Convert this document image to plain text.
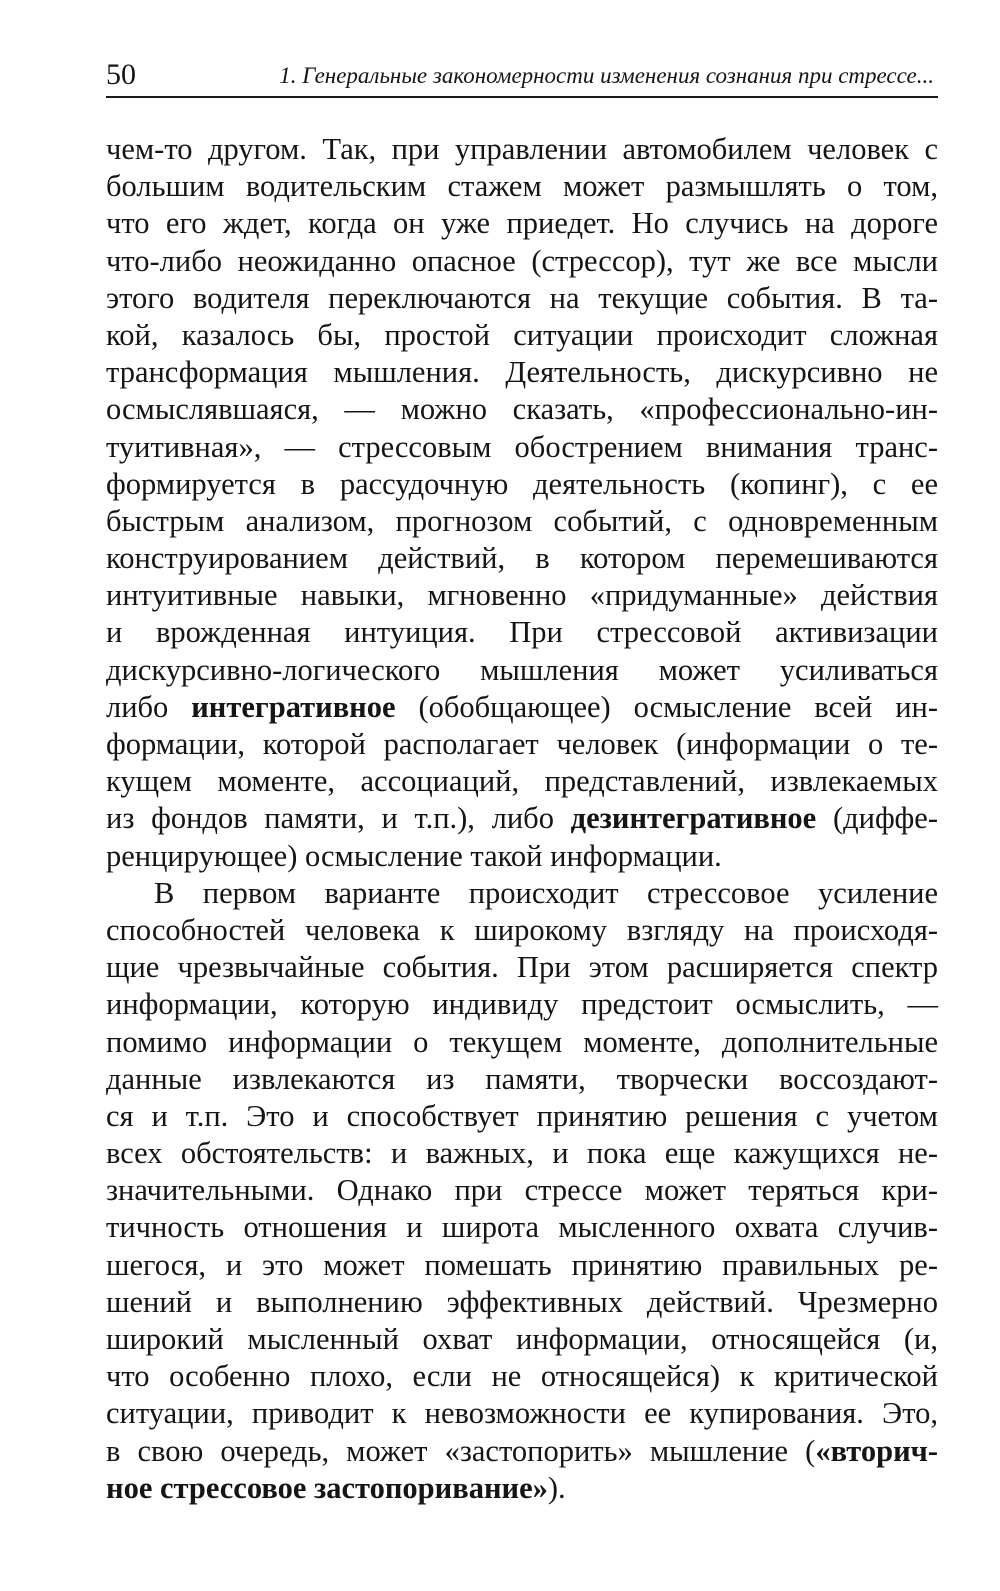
50	1. Генеральные закономерности изменения сознания при стрессе...
чем-то другом. Так, при управлении автомобилем человек с
большим водительским стажем может размышлять о том,
что его ждет, когда он уже приедет. Но случись на дороге
что-либо неожиданно опасное (стрессор), тут же все мысли
этого водителя переключаются на текущие события. В та-
кой, казалось бы, простой ситуации происходит сложная
трансформация мышления. Деятельность, дискурсивно не
осмыслявшаяся, — можно сказать, «профессионально-ин-
туитивная», — стрессовым обострением внимания транс-
формируется в рассудочную деятельность (копинг), с ее
быстрым анализом, прогнозом событий, с одновременным
конструированием действий, в котором перемешиваются
интуитивные навыки, мгновенно «придуманные» действия
и врожденная интуиция. При стрессовой активизации
дискурсивно-логического мышления может усиливаться
либо интегративное (обобщающее) осмысление всей ин-
формации, которой располагает человек (информации о те-
кущем моменте, ассоциаций, представлений, извлекаемых
из фондов памяти, и т.п.), либо дезинтегративное (диффе-
ренцирующее) осмысление такой информации.
В первом варианте происходит стрессовое усиление
способностей человека к широкому взгляду на происходя-
щие чрезвычайные события. При этом расширяется спектр
информации, которую индивиду предстоит осмыслить, —
помимо информации о текущем моменте, дополнительные
данные извлекаются из памяти, творчески воссоздают-
ся и т.п. Это и способствует принятию решения с учетом
всех обстоятельств: и важных, и пока еще кажущихся не-
значительными. Однако при стрессе может теряться кри-
тичность отношения и широта мысленного охвата случив-
шегося, и это может помешать принятию правильных ре-
шений и выполнению эффективных действий. Чрезмерно
широкий мысленный охват информации, относящейся (и,
что особенно плохо, если не относящейся) к критической
ситуации, приводит к невозможности ее купирования. Это,
в свою очередь, может «застопорить» мышление («вторич-
ное стрессовое застопоривание»).
